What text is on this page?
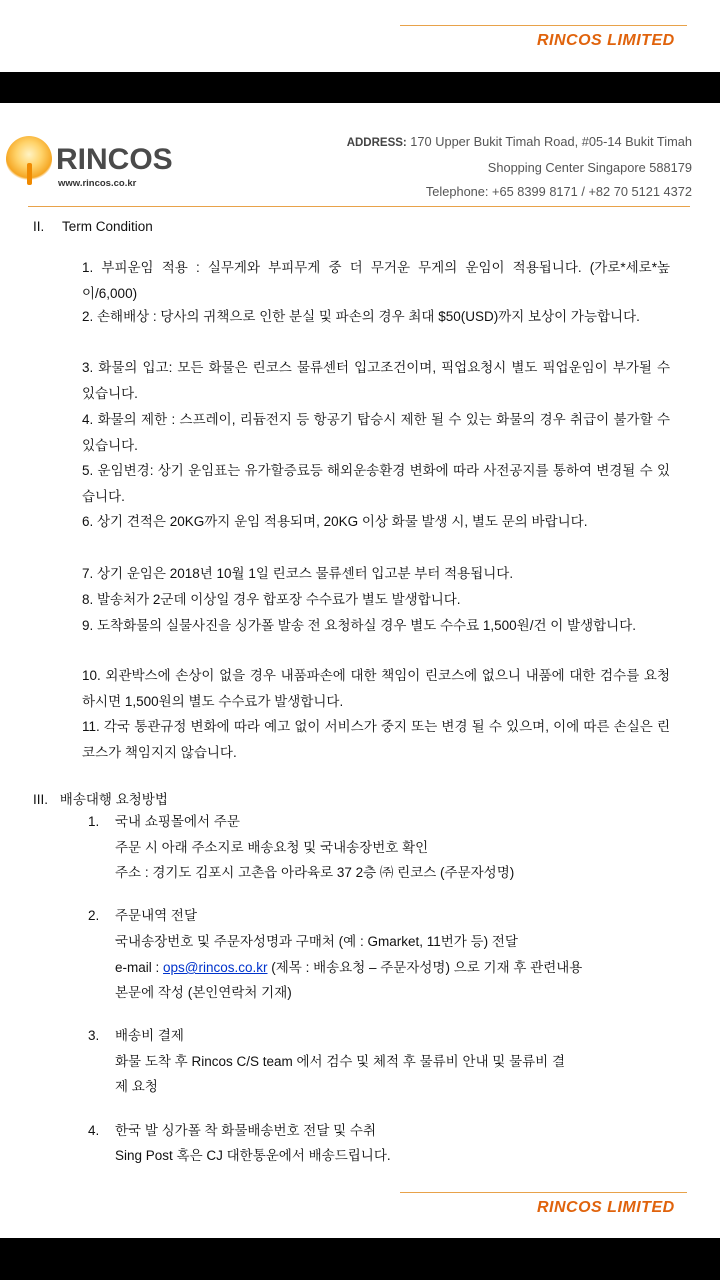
RINCOS LIMITED
RINCOS
www.rincos.co.kr
ADDRESS: 170 Upper Bukit Timah Road, #05-14 Bukit Timah
Shopping Center Singapore 588179
Telephone: +65 8399 8171 / +82 70 5121 4372
II. Term Condition
1. 부피운임 적용 : 실무게와 부피무게 중 더 무거운 무게의 운임이 적용됩니다. (가로*세로*높이/6,000)
2. 손해배상 : 당사의 귀책으로 인한 분실 및 파손의 경우 최대 $50(USD)까지 보상이 가능합니다.
3. 화물의 입고: 모든 화물은 린코스 물류센터 입고조건이며, 픽업요청시 별도 픽업운임이 부가될 수 있습니다.
4. 화물의 제한 : 스프레이, 리듐전지 등 항공기 탑승시 제한 될 수 있는 화물의 경우 취급이 불가할 수 있습니다.
5. 운임변경: 상기 운임표는 유가할증료등 해외운송환경 변화에 따라 사전공지를 통하여 변경될 수 있습니다.
6. 상기 견적은 20KG까지 운임 적용되며, 20KG 이상 화물 발생 시, 별도 문의 바랍니다.
7. 상기 운임은 2018년 10월 1일 린코스 물류센터 입고분 부터 적용됩니다.
8. 발송처가 2군데 이상일 경우 합포장 수수료가 별도 발생합니다.
9. 도착화물의 실물사진을 싱가폴 발송 전 요청하실 경우 별도 수수료 1,500원/건 이 발생합니다.
10. 외관박스에 손상이 없을 경우 내품파손에 대한 책임이 린코스에 없으니 내품에 대한 검수를 요청하시면 1,500원의 별도 수수료가 발생합니다.
11. 각국 통관규정 변화에 따라 예고 없이 서비스가 중지 또는 변경 될 수 있으며, 이에 따른 손실은 린코스가 책임지지 않습니다.
III. 배송대행 요청방법
1. 국내 쇼핑몰에서 주문
주문 시 아래 주소지로 배송요청 및 국내송장번호 확인
주소 : 경기도 김포시 고촌읍 아라육로 37 2층 ㈜ 린코스 (주문자성명)
2. 주문내역 전달
국내송장번호 및 주문자성명과 구매처 (예 : Gmarket, 11번가 등) 전달
e-mail : ops@rincos.co.kr (제목 : 배송요청 – 주문자성명) 으로 기재 후 관련내용
본문에 작성 (본인연락처 기재)
3. 배송비 결제
화물 도착 후 Rincos C/S team 에서 검수 및 체적 후 물류비 안내 및 물류비 결
제 요청
4. 한국 발 싱가폴 착 화물배송번호 전달 및 수취
Sing Post 혹은 CJ 대한통운에서 배송드립니다.
RINCOS LIMITED
